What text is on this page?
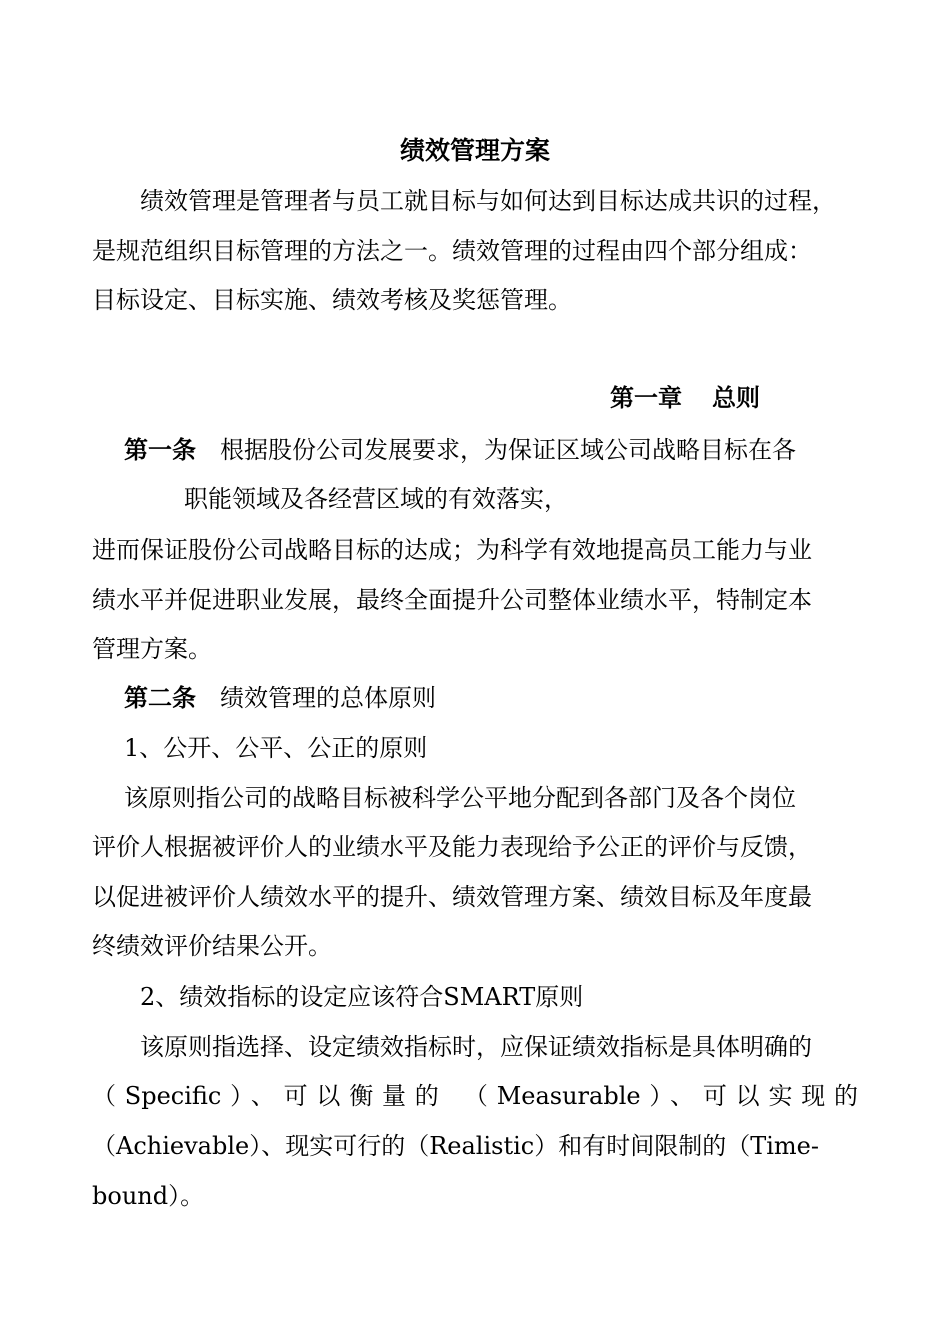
绩效管理方案
绩效管理是管理者与员工就目标与如何达到目标达成共识的过程，
是规范组织目标管理的方法之一。绩效管理的过程由四个部分组成：
目标设定、目标实施、绩效考核及奖惩管理。
第一章 总则
第一条 根据股份公司发展要求，为保证区域公司战略目标在各
职能领域及各经营区域的有效落实，
进而保证股份公司战略目标的达成；为科学有效地提高员工能力与业
绩水平并促进职业发展，最终全面提升公司整体业绩水平，特制定本
管理方案。
第二条 绩效管理的总体原则
1、公开、公平、公正的原则
该原则指公司的战略目标被科学公平地分配到各部门及各个岗位
评价人根据被评价人的业绩水平及能力表现给予公正的评价与反馈，
以促进被评价人绩效水平的提升、绩效管理方案、绩效目标及年度最
终绩效评价结果公开。
2、绩效指标的设定应该符合SMART原则
该原则指选择、设定绩效指标时，应保证绩效指标是具体明确的
（Specific）、可以衡量的 （Measurable）、可以实现的
（Achievable）、现实可行的（Realistic）和有时间限制的（Time-
bound）。
